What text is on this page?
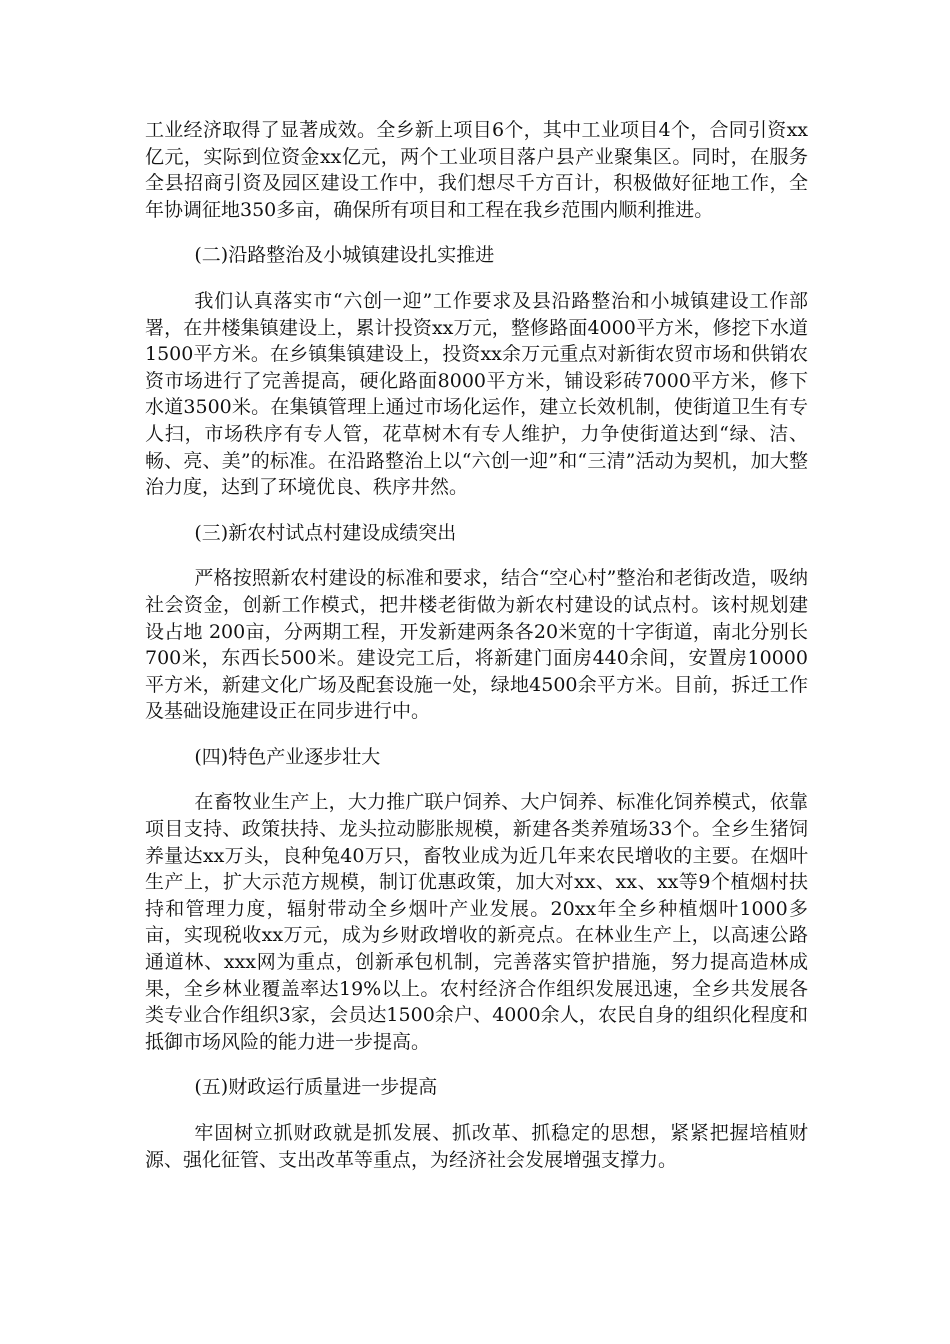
工业经济取得了显著成效。全乡新上项目6个，其中工业项目4个，合同引资xx亿元，实际到位资金xx亿元，两个工业项目落户县产业聚集区。同时，在服务全县招商引资及园区建设工作中，我们想尽千方百计，积极做好征地工作，全年协调征地350多亩，确保所有项目和工程在我乡范围内顺利推进。

(二)沿路整治及小城镇建设扎实推进

我们认真落实市“六创一迎”工作要求及县沿路整治和小城镇建设工作部署，在井楼集镇建设上，累计投资xx万元，整修路面4000平方米，修挖下水道 1500平方米。在乡镇集镇建设上，投资xx余万元重点对新街农贸市场和供销农资市场进行了完善提高，硬化路面8000平方米，铺设彩砖7000平方米，修下水道3500米。在集镇管理上通过市场化运作，建立长效机制，使街道卫生有专人扫，市场秩序有专人管，花草树木有专人维护，力争使街道达到“绿、洁、畅、亮、美”的标准。在沿路整治上以“六创一迎”和“三清”活动为契机，加大整治力度，达到了环境优良、秩序井然。

(三)新农村试点村建设成绩突出

严格按照新农村建设的标准和要求，结合“空心村”整治和老街改造，吸纳社会资金，创新工作模式，把井楼老街做为新农村建设的试点村。该村规划建设占地 200亩，分两期工程，开发新建两条各20米宽的十字街道，南北分别长700米，东西长500米。建设完工后，将新建门面房440余间，安置房10000 平方米，新建文化广场及配套设施一处，绿地4500余平方米。目前，拆迁工作及基础设施建设正在同步进行中。

(四)特色产业逐步壮大

在畜牧业生产上，大力推广联户饲养、大户饲养、标准化饲养模式，依靠项目支持、政策扶持、龙头拉动膨胀规模，新建各类养殖场33个。全乡生猪饲养量达xx万头，良种兔40万只，畜牧业成为近几年来农民增收的主要。在烟叶生产上，扩大示范方规模，制订优惠政策，加大对xx、xx、xx等9个植烟村扶持和管理力度，辐射带动全乡烟叶产业发展。20xx年全乡种植烟叶1000多亩，实现税收xx万元，成为乡财政增收的新亮点。在林业生产上，以高速公路通道林、xxx网为重点，创新承包机制，完善落实管护措施，努力提高造林成果，全乡林业覆盖率达19%以上。农村经济合作组织发展迅速，全乡共发展各类专业合作组织3家，会员达1500余户、4000余人，农民自身的组织化程度和抵御市场风险的能力进一步提高。

(五)财政运行质量进一步提高

牢固树立抓财政就是抓发展、抓改革、抓稳定的思想，紧紧把握培植财源、强化征管、支出改革等重点，为经济社会发展增强支撑力。
